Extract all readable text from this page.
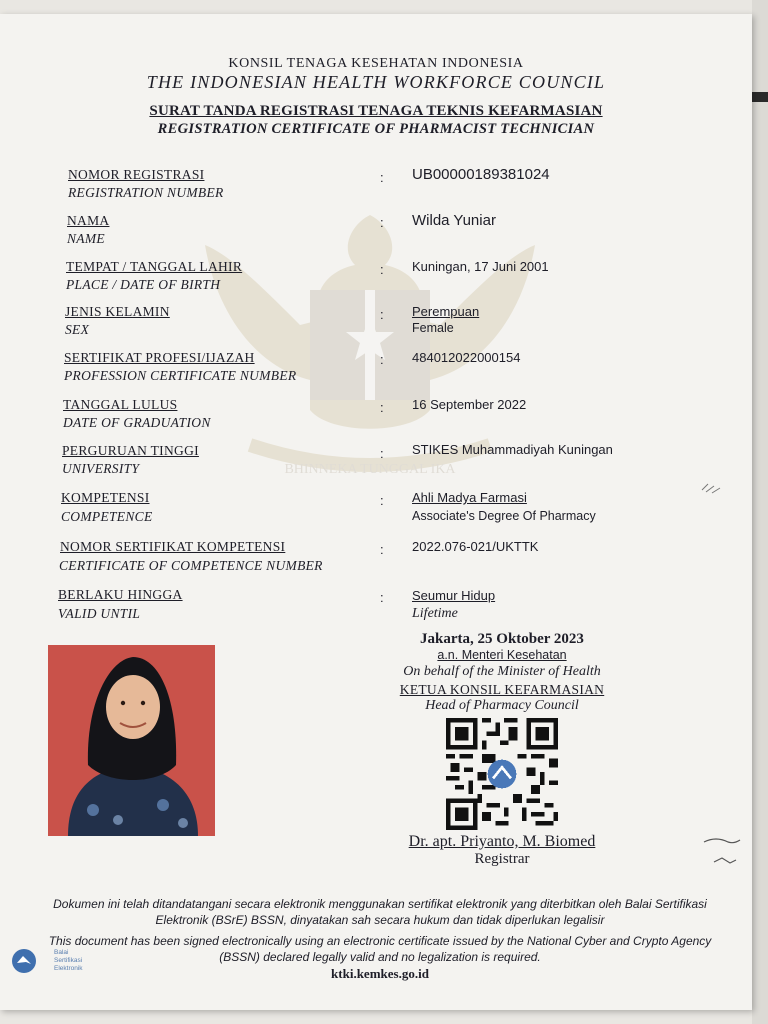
BHINNEKA TUNGGAL IKA
KONSIL TENAGA KESEHATAN INDONESIA
THE INDONESIAN HEALTH WORKFORCE COUNCIL
SURAT TANDA REGISTRASI TENAGA TEKNIS KEFARMASIAN
REGISTRATION CERTIFICATE OF PHARMACIST TECHNICIAN
NOMOR REGISTRASI
REGISTRATION NUMBER
: UB00000189381024
NAMA
NAME
: Wilda Yuniar
TEMPAT / TANGGAL LAHIR
PLACE / DATE OF BIRTH
: Kuningan, 17 Juni 2001
JENIS KELAMIN
SEX
: Perempuan
Female
SERTIFIKAT PROFESI/IJAZAH
PROFESSION CERTIFICATE NUMBER
: 484012022000154
TANGGAL LULUS
DATE OF GRADUATION
: 16 September 2022
PERGURUAN TINGGI
UNIVERSITY
: STIKES Muhammadiyah Kuningan
KOMPETENSI
COMPETENCE
: Ahli Madya Farmasi
Associate's Degree Of Pharmacy
NOMOR SERTIFIKAT KOMPETENSI
CERTIFICATE OF COMPETENCE NUMBER
: 2022.076-021/UKTTK
BERLAKU HINGGA
VALID UNTIL
: Seumur Hidup
Lifetime
Jakarta, 25 Oktober 2023
a.n. Menteri Kesehatan
On behalf of the Minister of Health
KETUA KONSIL KEFARMASIAN
Head of Pharmacy Council
Dr. apt. Priyanto, M. Biomed
Registrar
Dokumen ini telah ditandatangani secara elektronik menggunakan sertifikat elektronik yang diterbitkan oleh Balai Sertifikasi
Elektronik (BSrE) BSSN, dinyatakan sah secara hukum dan tidak diperlukan legalisir
This document has been signed electronically using an electronic certificate issued by the National Cyber and Crypto Agency
(BSSN) declared legally valid and no legalization is required.
ktki.kemkes.go.id
Balai
Sertifikasi
Elektronik
